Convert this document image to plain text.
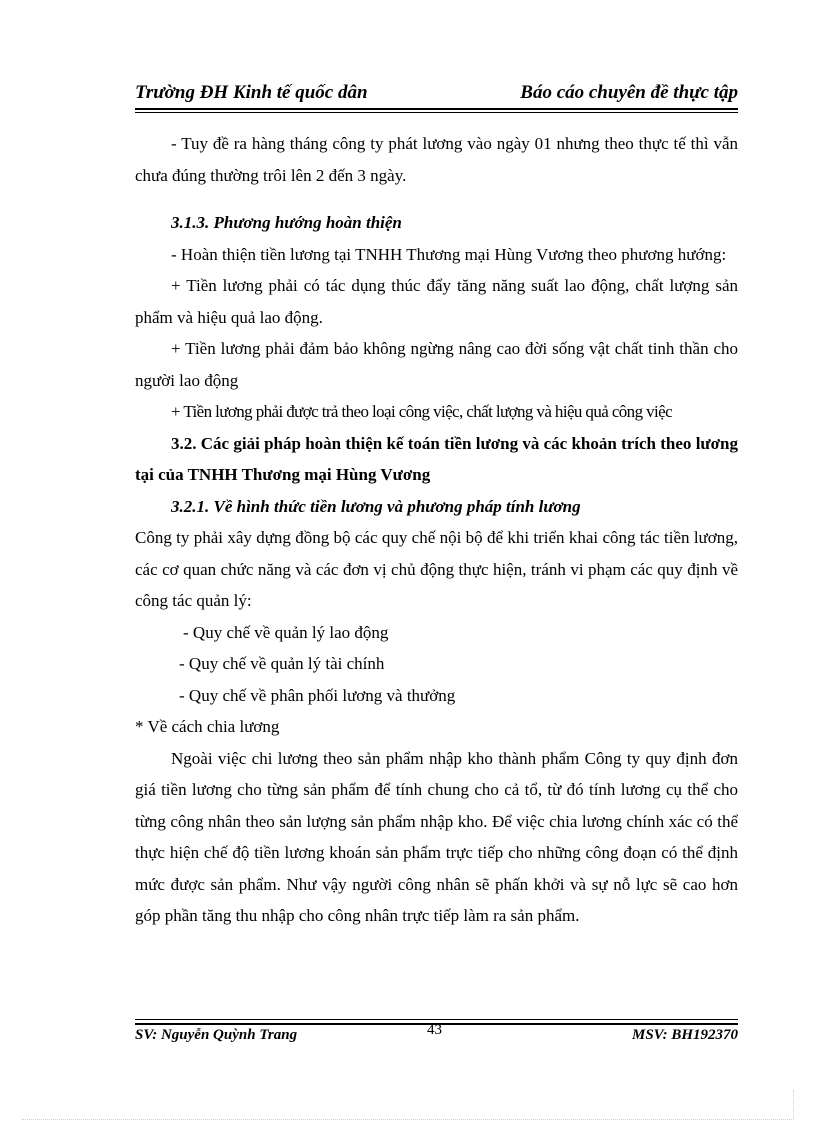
Trường ĐH Kinh tế quốc dân	Báo cáo chuyên đề thực tập

- Tuy đề ra hàng tháng công ty phát lương vào ngày 01 nhưng theo thực tế thì vẫn chưa đúng thường trôi lên 2 đến 3 ngày.

3.1.3. Phương hướng hoàn thiện

- Hoàn thiện tiền lương tại TNHH Thương mại Hùng Vương theo phương hướng:

+ Tiền lương phải có tác dụng thúc đẩy tăng năng suất lao động, chất lượng sản phẩm và hiệu quả lao động.

+ Tiền lương phải đảm bảo không ngừng nâng cao đời sống vật chất tinh thần cho người lao động

+ Tiền lương phải được trả theo loại công việc, chất lượng và hiệu quả công việc

3.2. Các giải pháp hoàn thiện kế toán tiền lương và các khoản trích theo lương tại của TNHH Thương mại Hùng Vương

3.2.1. Về hình thức tiền lương và phương pháp tính lương

Công ty phải xây dựng đồng bộ các quy chế nội bộ để khi triển khai công tác tiền lương, các cơ quan chức năng và các đơn vị chủ động thực hiện, tránh vi phạm các quy định về công tác quản lý:

- Quy chế về quản lý lao động

- Quy chế về quản lý tài chính

- Quy chế về phân phối lương và thưởng

* Về cách chia lương

Ngoài việc chi lương theo sản phẩm nhập kho thành phẩm Công ty quy định đơn giá tiền lương cho từng sản phẩm để tính chung cho cả tổ, từ đó tính lương cụ thể cho từng công nhân theo sản lượng sản phẩm nhập kho. Để việc chia lương chính xác có thể thực hiện chế độ tiền lương khoán sản phẩm trực tiếp cho những công đoạn có thể định mức được sản phẩm. Như vậy người công nhân sẽ phấn khởi và sự nỗ lực sẽ cao hơn góp phần tăng thu nhập cho công nhân trực tiếp làm ra sản phẩm.

SV: Nguyễn Quỳnh Trang	43	MSV: BH192370
